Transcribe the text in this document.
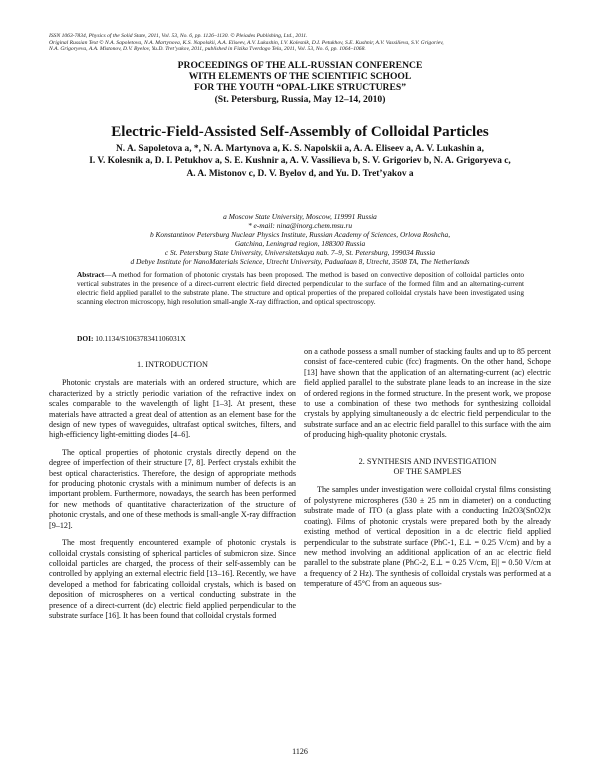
ISSN 1063-7834, Physics of the Solid State, 2011, Vol. 53, No. 6, pp. 1126–1130. © Pleiades Publishing, Ltd., 2011.
Original Russian Text © N.A. Sapoletova, N.A. Martynova, K.S. Napolskii, A.A. Eliseev, A.V. Lukashin, I.V. Kolesnik, D.I. Petukhov, S.E. Kushnir, A.V. Vassilieva, S.V. Grigoriev,
N.A. Grigoryeva, A.A. Mistonov, D.V. Byelov, Yu.D. Tret’yakov, 2011, published in Fizika Tverdogo Tela, 2011, Vol. 53, No. 6, pp. 1064–1068.
PROCEEDINGS OF THE ALL-RUSSIAN CONFERENCE
WITH ELEMENTS OF THE SCIENTIFIC SCHOOL
FOR THE YOUTH “OPAL-LIKE STRUCTURES”
(St. Petersburg, Russia, May 12–14, 2010)
Electric-Field-Assisted Self-Assembly of Colloidal Particles
N. A. Sapoletova a, *, N. A. Martynova a, K. S. Napolskii a, A. A. Eliseev a, A. V. Lukashin a,
I. V. Kolesnik a, D. I. Petukhov a, S. E. Kushnir a, A. V. Vassilieva b, S. V. Grigoriev b, N. A. Grigoryeva c,
A. A. Mistonov c, D. V. Byelov d, and Yu. D. Tret’yakov a
a Moscow State University, Moscow, 119991 Russia
* e-mail: nina@inorg.chem.msu.ru
b Konstantinov Petersburg Nuclear Physics Institute, Russian Academy of Sciences, Orlova Roshcha,
Gatchina, Leningrad region, 188300 Russia
c St. Petersburg State University, Universitetskaya nab. 7–9, St. Petersburg, 199034 Russia
d Debye Institute for NanoMaterials Science, Utrecht University, Padualaan 8, Utrecht, 3508 TA, The Netherlands
Abstract—A method for formation of photonic crystals has been proposed. The method is based on convective deposition of colloidal particles onto vertical substrates in the presence of a direct-current electric field directed perpendicular to the surface of the formed film and an alternating-current electric field applied parallel to the substrate plane. The structure and optical properties of the prepared colloidal crystals have been investigated using scanning electron microscopy, high resolution small-angle X-ray diffraction, and optical spectroscopy.
DOI: 10.1134/S106378341106031X
1. INTRODUCTION

Photonic crystals are materials with an ordered structure, which are characterized by a strictly periodic variation of the refractive index on scales comparable to the wavelength of light [1–3]. At present, these materials have attracted a great deal of attention as an element base for the design of new types of waveguides, ultrafast optical switches, filters, and high-efficiency light-emitting diodes [4–6].

The optical properties of photonic crystals directly depend on the degree of imperfection of their structure [7, 8]. Perfect crystals exhibit the best optical characteristics. Therefore, the design of appropriate methods for producing photonic crystals with a minimum number of defects is an important problem. Furthermore, nowadays, the search has been performed for new methods of quantitative characterization of the structure of photonic crystals, and one of these methods is small-angle X-ray diffraction [9–12].

The most frequently encountered example of photonic crystals is colloidal crystals consisting of spherical particles of submicron size. Since colloidal particles are charged, the process of their self-assembly can be controlled by applying an external electric field [13–16]. Recently, we have developed a method for fabricating colloidal crystals, which is based on deposition of microspheres on a vertical conducting substrate in the presence of a direct-current (dc) electric field applied perpendicular to the substrate surface [16]. It has been found that colloidal crystals formed

on a cathode possess a small number of stacking faults and up to 85 percent consist of face-centered cubic (fcc) fragments. On the other hand, Schope [13] have shown that the application of an alternating-current (ac) electric field applied parallel to the substrate plane leads to an increase in the size of ordered regions in the formed structure. In the present work, we propose to use a combination of these two methods for synthesizing colloidal crystals by applying simultaneously a dc electric field perpendicular to the substrate surface and an ac electric field parallel to this surface with the aim of producing high-quality photonic crystals.

2. SYNTHESIS AND INVESTIGATION
OF THE SAMPLES

The samples under investigation were colloidal crystal films consisting of polystyrene microspheres (530 ± 25 nm in diameter) on a conducting substrate made of ITO (a glass plate with a conducting In2O3(SnO2)x coating). Films of photonic crystals were prepared both by the already existing method of vertical deposition in a dc electric field applied perpendicular to the substrate surface (PhC-1, E⊥ = 0.25 V/cm) and by a new method involving an additional application of an ac electric field parallel to the substrate plane (PhC-2, E⊥ = 0.25 V/cm, E|| = 0.50 V/cm at a frequency of 2 Hz). The synthesis of colloidal crystals was performed at a temperature of 45°C from an aqueous sus-

1126
